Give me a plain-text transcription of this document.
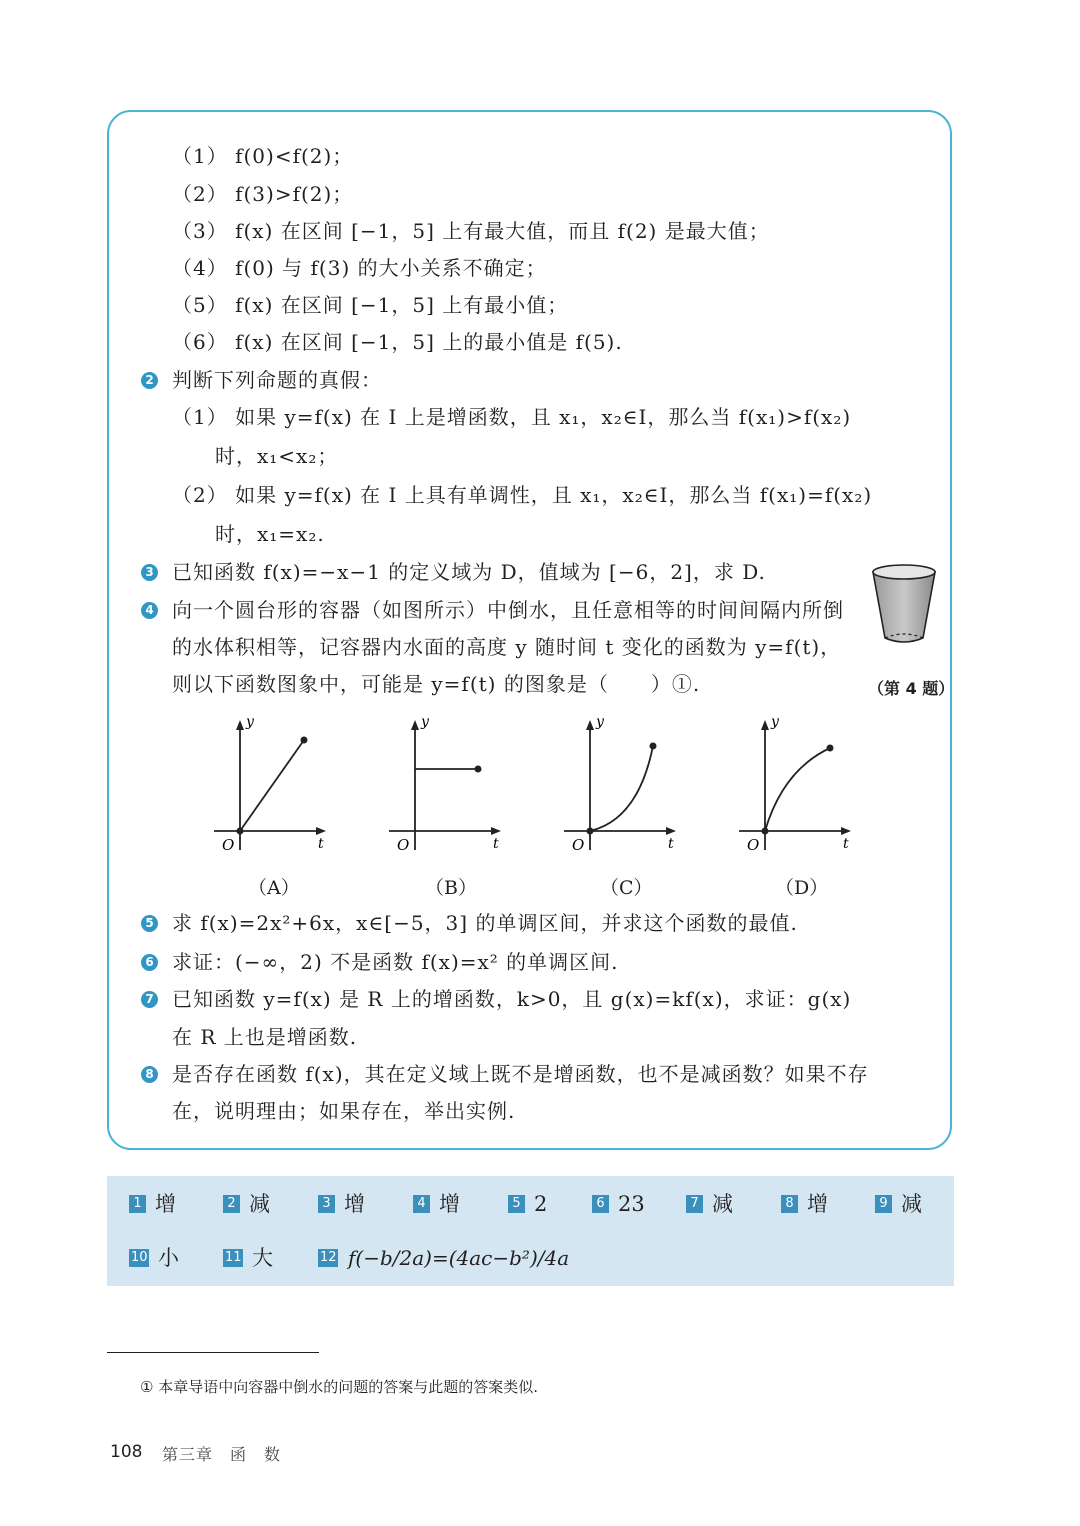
（1） f(0)<f(2)；
（2） f(3)>f(2)；
（3） f(x) 在区间 [−1，5] 上有最大值，而且 f(2) 是最大值；
（4） f(0) 与 f(3) 的大小关系不确定；
（5） f(x) 在区间 [−1，5] 上有最小值；
（6） f(x) 在区间 [−1，5] 上的最小值是 f(5).
2 判断下列命题的真假：
（1） 如果 y=f(x) 在 I 上是增函数，且 x₁，x₂∈I，那么当 f(x₁)>f(x₂)
时，x₁<x₂；
（2） 如果 y=f(x) 在 I 上具有单调性，且 x₁，x₂∈I，那么当 f(x₁)=f(x₂)
时，x₁=x₂.
3 已知函数 f(x)=−x−1 的定义域为 D，值域为 [−6，2]，求 D.
4 向一个圆台形的容器（如图所示）中倒水，且任意相等的时间间隔内所倒
的水体积相等，记容器内水面的高度 y 随时间 t 变化的函数为 y=f(t)，
则以下函数图象中，可能是 y=f(t) 的图象是（　　）①.	（第 4 题）
y
t
O
（A）
y
t
O
（B）
y
t
O
（C）
y
t
O
（D）
5 求 f(x)=2x²+6x，x∈[−5，3] 的单调区间，并求这个函数的最值.
6 求证：(−∞，2) 不是函数 f(x)=x² 的单调区间.
7 已知函数 y=f(x) 是 R 上的增函数，k>0，且 g(x)=kf(x)，求证：g(x)
在 R 上也是增函数.
8 是否存在函数 f(x)，其在定义域上既不是增函数，也不是减函数？如果不存
在，说明理由；如果存在，举出实例.
1 增	2 减	3 增	4 增	5 2	6 23	7 减	8 增	9 减
10 小	11 大	12 f(−b/2a)=(4ac−b²)/4a
① 本章导语中向容器中倒水的问题的答案与此题的答案类似.
108 第三章　函　数
